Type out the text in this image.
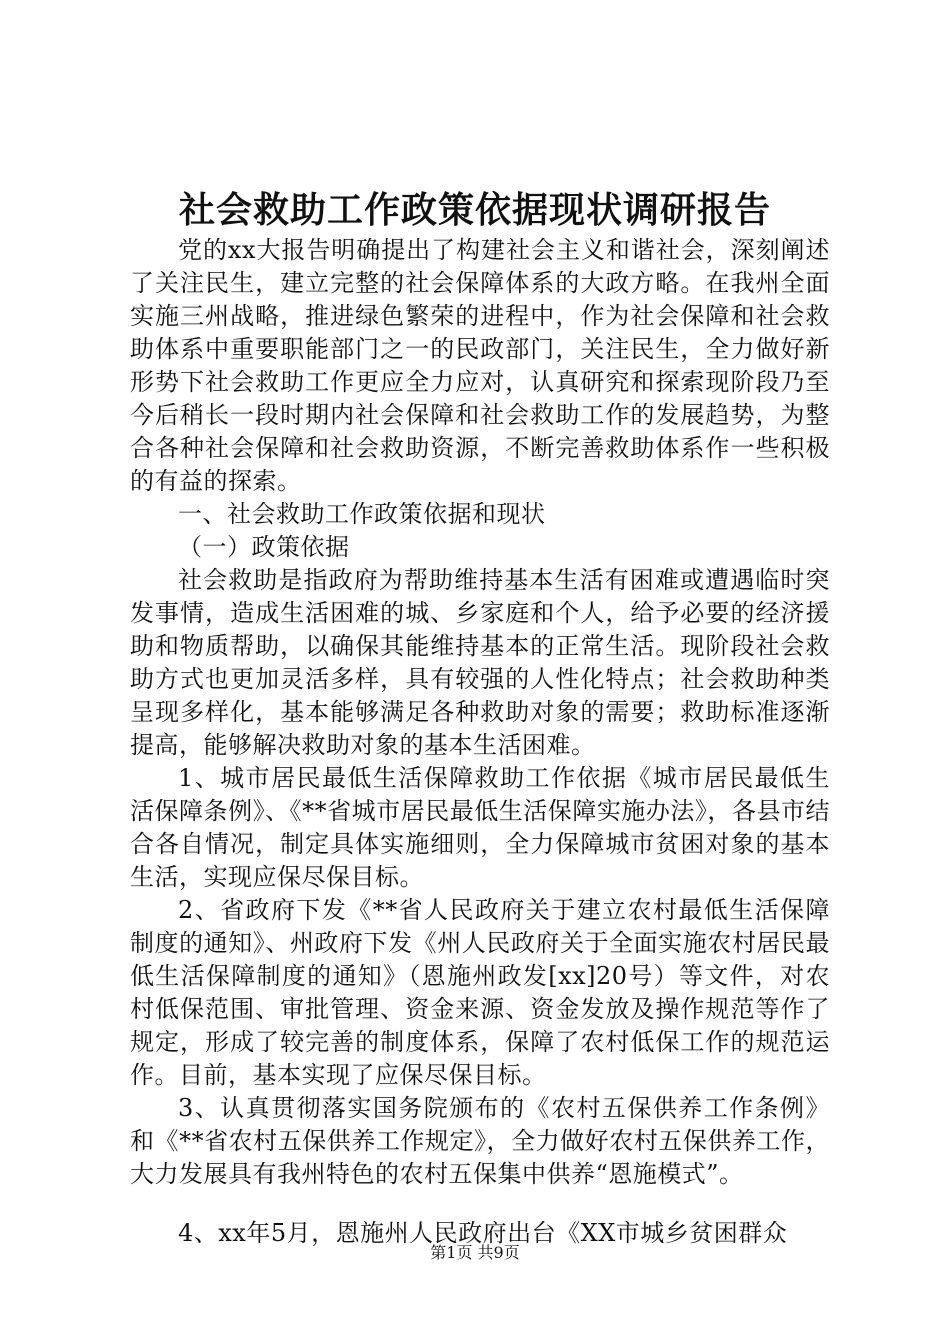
社会救助工作政策依据现状调研报告

党的xx大报告明确提出了构建社会主义和谐社会，深刻阐述了关注民生，建立完整的社会保障体系的大政方略。在我州全面实施三州战略，推进绿色繁荣的进程中，作为社会保障和社会救助体系中重要职能部门之一的民政部门，关注民生，全力做好新形势下社会救助工作更应全力应对，认真研究和探索现阶段乃至今后稍长一段时期内社会保障和社会救助工作的发展趋势，为整合各种社会保障和社会救助资源，不断完善救助体系作一些积极的有益的探索。

一、社会救助工作政策依据和现状

（一）政策依据

社会救助是指政府为帮助维持基本生活有困难或遭遇临时突发事情，造成生活困难的城、乡家庭和个人，给予必要的经济援助和物质帮助，以确保其能维持基本的正常生活。现阶段社会救助方式也更加灵活多样，具有较强的人性化特点；社会救助种类呈现多样化，基本能够满足各种救助对象的需要；救助标准逐渐提高，能够解决救助对象的基本生活困难。

1、城市居民最低生活保障救助工作依据《城市居民最低生活保障条例》、《**省城市居民最低生活保障实施办法》，各县市结合各自情况，制定具体实施细则，全力保障城市贫困对象的基本生活，实现应保尽保目标。

2、省政府下发《**省人民政府关于建立农村最低生活保障制度的通知》、州政府下发《州人民政府关于全面实施农村居民最低生活保障制度的通知》（恩施州政发[xx]20号）等文件，对农村低保范围、审批管理、资金来源、资金发放及操作规范等作了规定，形成了较完善的制度体系，保障了农村低保工作的规范运作。目前，基本实现了应保尽保目标。

3、认真贯彻落实国务院颁布的《农村五保供养工作条例》和《**省农村五保供养工作规定》，全力做好农村五保供养工作，大力发展具有我州特色的农村五保集中供养“恩施模式”。

4、xx年5月，恩施州人民政府出台《XX市城乡贫困群众

第1页 共9页
